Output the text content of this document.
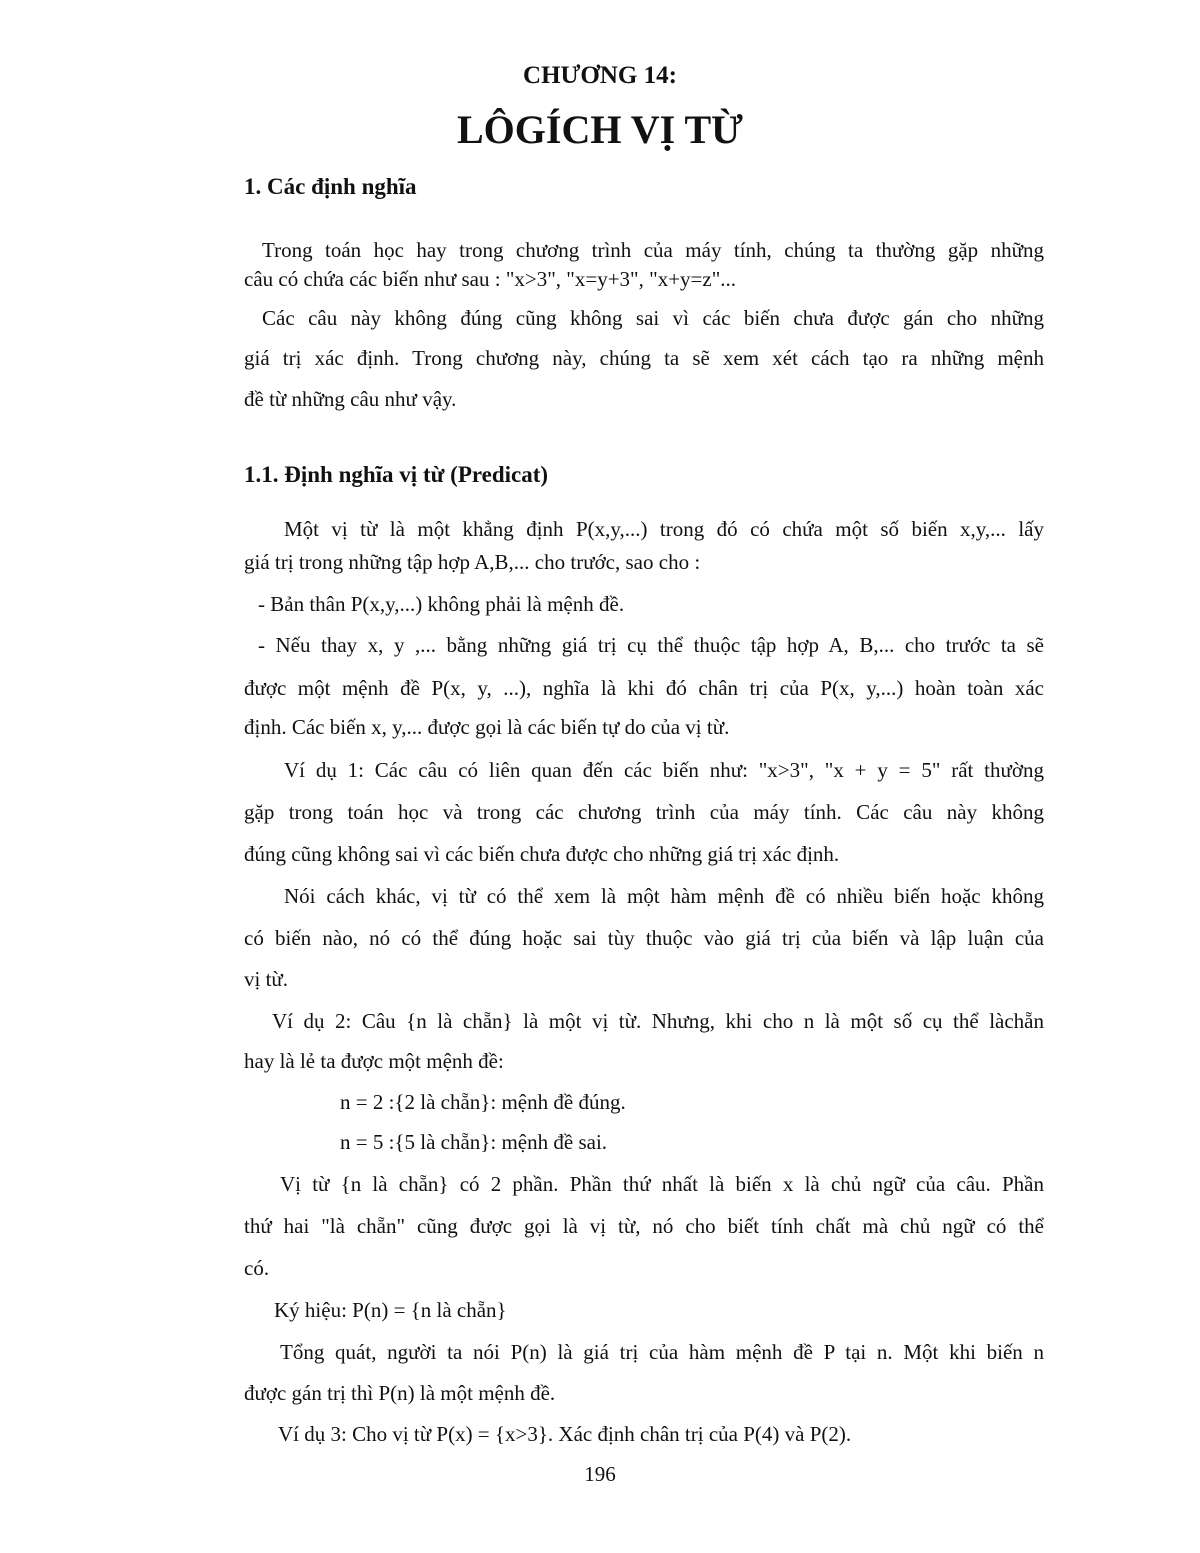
CHƯƠNG 14:
LÔGÍCH VỊ TỪ
1. Các định nghĩa
Trong toán học hay trong chương trình của máy tính, chúng ta thường gặp những
câu có chứa các biến như sau : "x>3", "x=y+3", "x+y=z"...
Các câu này không đúng cũng không sai vì các biến chưa được gán cho những
giá trị xác định. Trong chương này, chúng ta sẽ xem xét cách tạo ra những mệnh
đề từ những câu như vậy.
1.1. Định nghĩa vị từ (Predicat)
Một vị từ là một khẳng định P(x,y,...) trong đó có chứa một số biến x,y,... lấy
giá trị trong những tập hợp A,B,... cho trước, sao cho :
- Bản thân P(x,y,...) không phải là mệnh đề.
- Nếu thay x, y ,... bằng những giá trị cụ thể thuộc tập hợp A, B,... cho trước ta sẽ
được một mệnh đề P(x, y, ...), nghĩa là khi đó chân trị của P(x, y,...) hoàn toàn xác
định. Các biến x, y,... được gọi là các biến tự do của vị từ.
Ví dụ 1: Các câu có liên quan đến các biến như: "x>3", "x + y = 5" rất thường
gặp trong toán học và trong các chương trình của máy tính. Các câu này không
đúng cũng không sai vì các biến chưa được cho những giá trị xác định.
Nói cách khác, vị từ có thể xem là một hàm mệnh đề có nhiều biến hoặc không
có biến nào, nó có thể đúng hoặc sai tùy thuộc vào giá trị của biến và lập luận của
vị từ.
Ví dụ 2: Câu {n là chẵn} là một vị từ. Nhưng, khi cho n là một số cụ thể làchẵn
hay là lẻ ta được một mệnh đề:
n = 2 :{2 là chẵn}: mệnh đề đúng.
n = 5 :{5 là chẵn}: mệnh đề sai.
Vị từ {n là chẵn} có 2 phần. Phần thứ nhất là biến x là chủ ngữ của câu. Phần
thứ hai "là chẵn" cũng được gọi là vị từ, nó cho biết tính chất mà chủ ngữ có thể
có.
Ký hiệu: P(n) = {n là chẵn}
Tổng quát, người ta nói P(n) là giá trị của hàm mệnh đề P tại n. Một khi biến n
được gán trị thì P(n) là một mệnh đề.
Ví dụ 3: Cho vị từ P(x) = {x>3}. Xác định chân trị của P(4) và P(2).
196
